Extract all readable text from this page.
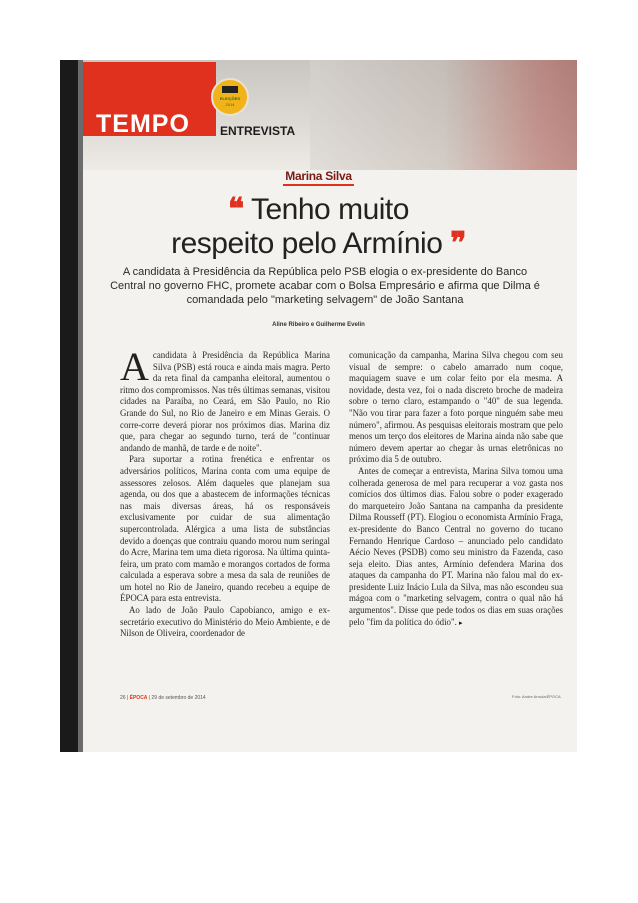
TEMPO
ELEIÇÕES
2014
ENTREVISTA
Marina Silva
❝ Tenho muito
respeito pelo Armínio ❞
A candidata à Presidência da República pelo PSB elogia o ex-presidente do Banco Central no governo FHC, promete acabar com o Bolsa Empresário e afirma que Dilma é comandada pelo "marketing selvagem" de João Santana
Aline Ribeiro e Guilherme Evelin

Acandidata à Presidência da República Marina Silva (PSB) está rouca e ainda mais magra. Perto da reta final da campanha eleitoral, aumentou o ritmo dos compromissos. Nas três últimas semanas, visitou cidades na Paraíba, no Ceará, em São Paulo, no Rio Grande do Sul, no Rio de Janeiro e em Minas Gerais. O corre-corre deverá piorar nos próximos dias. Marina diz que, para chegar ao segundo turno, terá de "continuar andando de manhã, de tarde e de noite".

Para suportar a rotina frenética e enfrentar os adversários políticos, Marina conta com uma equipe de assessores zelosos. Além daqueles que planejam sua agenda, ou dos que a abastecem de informações técnicas nas mais diversas áreas, há os responsáveis exclusivamente por cuidar de sua alimentação supercontrolada. Alérgica a uma lista de substâncias devido a doenças que contraiu quando morou num seringal do Acre, Marina tem uma dieta rigorosa. Na última quinta-feira, um prato com mamão e morangos cortados de forma calculada a esperava sobre a mesa da sala de reuniões de um hotel no Rio de Janeiro, quando recebeu a equipe de ÉPOCA para esta entrevista.

Ao lado de João Paulo Capobianco, amigo e ex-secretário executivo do Ministério do Meio Ambiente, e de Nilson de Oliveira, coordenador de

comunicação da campanha, Marina Silva chegou com seu visual de sempre: o cabelo amarrado num coque, maquiagem suave e um colar feito por ela mesma. A novidade, desta vez, foi o nada discreto broche de madeira sobre o terno claro, estampando o "40" de sua legenda. "Não vou tirar para fazer a foto porque ninguém sabe meu número", afirmou. As pesquisas eleitorais mostram que pelo menos um terço dos eleitores de Marina ainda não sabe que número devem apertar ao chegar às urnas eletrônicas no próximo dia 5 de outubro.

Antes de começar a entrevista, Marina Silva tomou uma colherada generosa de mel para recuperar a voz gasta nos comícios dos últimos dias. Falou sobre o poder exagerado do marqueteiro João Santana na campanha da presidente Dilma Rousseff (PT). Elogiou o economista Armínio Fraga, ex-presidente do Banco Central no governo do tucano Fernando Henrique Cardoso – anunciado pelo candidato Aécio Neves (PSDB) como seu ministro da Fazenda, caso seja eleito. Dias antes, Armínio defendera Marina dos ataques da campanha do PT. Marina não falou mal do ex-presidente Luiz Inácio Lula da Silva, mas não escondeu sua mágoa com o "marketing selvagem, contra o qual não há argumentos". Disse que pede todos os dias em suas orações pelo "fim da política do ódio". ▸

26 | ÉPOCA | 29 de setembro de 2014	Foto: Andre Arruda/ÉPOCA
